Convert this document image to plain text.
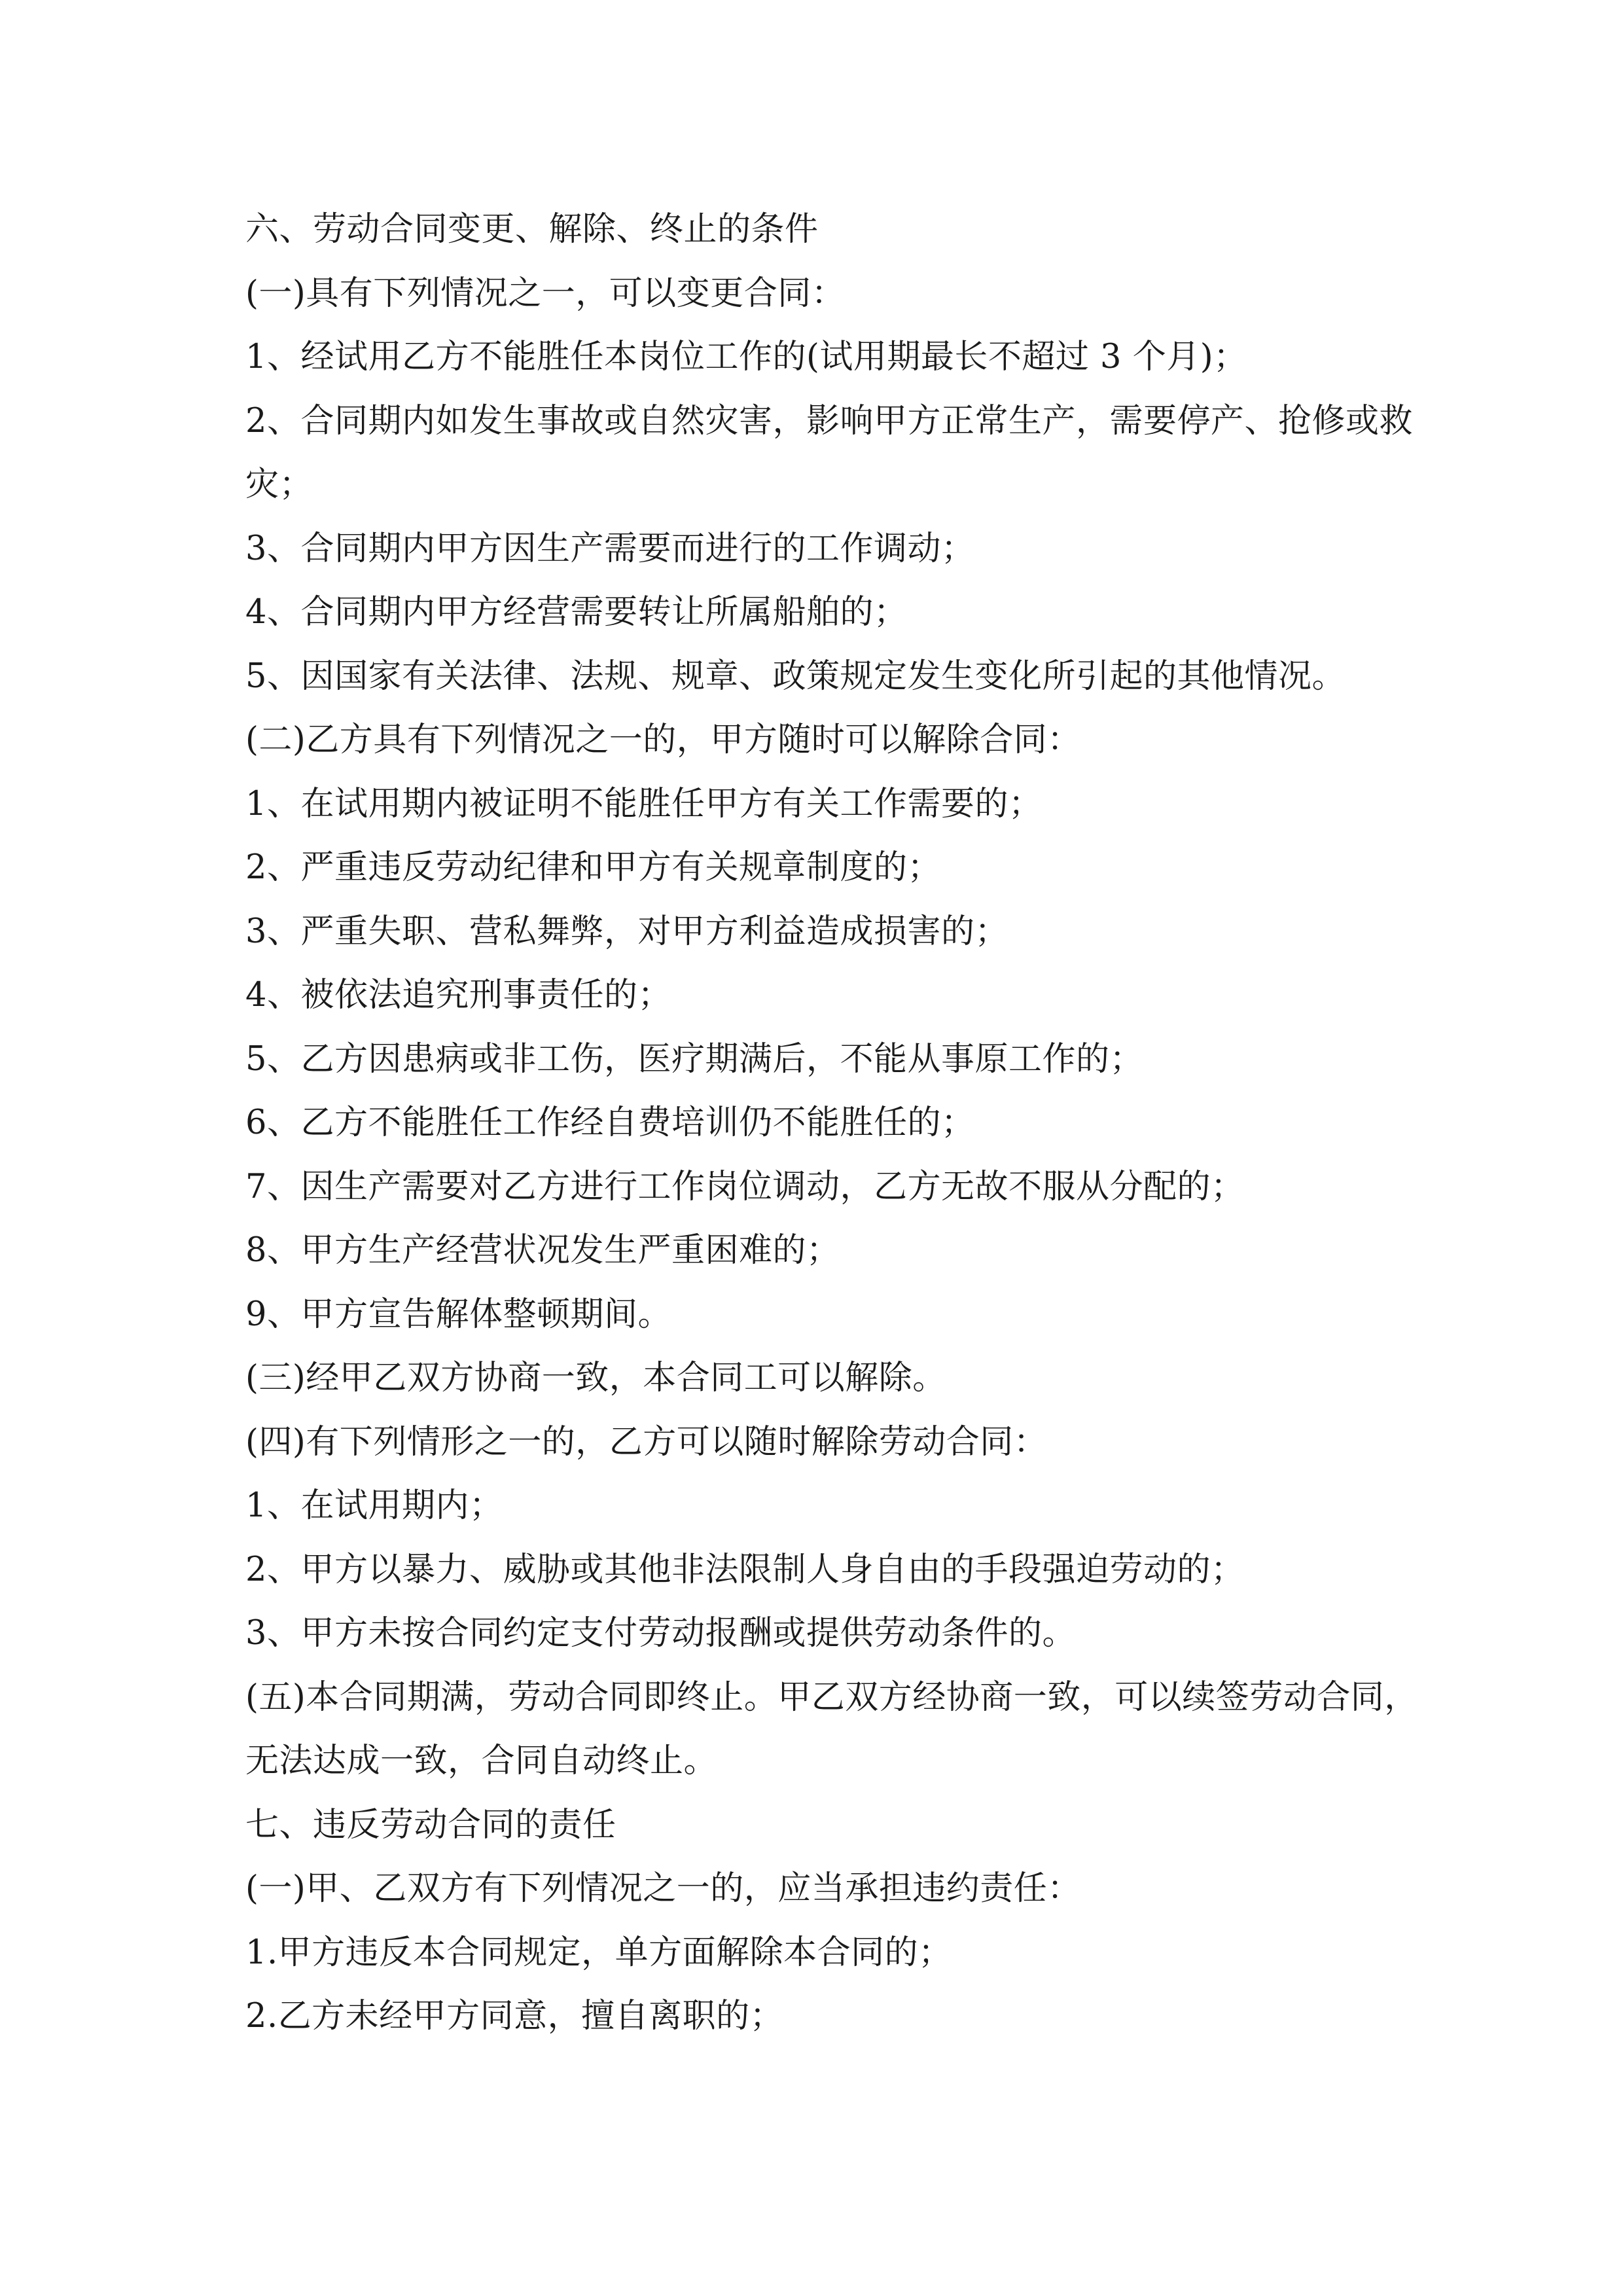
六、劳动合同变更、解除、终止的条件
(一)具有下列情况之一，可以变更合同：
1、经试用乙方不能胜任本岗位工作的(试用期最长不超过 3 个月)；
2、合同期内如发生事故或自然灾害，影响甲方正常生产，需要停产、抢修或救
灾；
3、合同期内甲方因生产需要而进行的工作调动；
4、合同期内甲方经营需要转让所属船舶的；
5、因国家有关法律、法规、规章、政策规定发生变化所引起的其他情况。
(二)乙方具有下列情况之一的，甲方随时可以解除合同：
1、在试用期内被证明不能胜任甲方有关工作需要的；
2、严重违反劳动纪律和甲方有关规章制度的；
3、严重失职、营私舞弊，对甲方利益造成损害的；
4、被依法追究刑事责任的；
5、乙方因患病或非工伤，医疗期满后，不能从事原工作的；
6、乙方不能胜任工作经自费培训仍不能胜任的；
7、因生产需要对乙方进行工作岗位调动，乙方无故不服从分配的；
8、甲方生产经营状况发生严重困难的；
9、甲方宣告解体整顿期间。
(三)经甲乙双方协商一致，本合同工可以解除。
(四)有下列情形之一的，乙方可以随时解除劳动合同：
1、在试用期内；
2、甲方以暴力、威胁或其他非法限制人身自由的手段强迫劳动的；
3、甲方未按合同约定支付劳动报酬或提供劳动条件的。
(五)本合同期满，劳动合同即终止。甲乙双方经协商一致，可以续签劳动合同，
无法达成一致，合同自动终止。
七、违反劳动合同的责任
(一)甲、乙双方有下列情况之一的，应当承担违约责任：
1.甲方违反本合同规定，单方面解除本合同的；
2.乙方未经甲方同意，擅自离职的；
